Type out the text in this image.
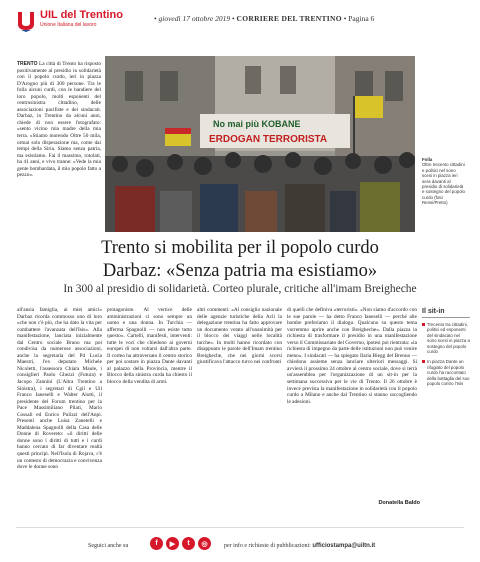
UIL del Trentino
Unione Italiana del lavoro
• giovedì 17 ottobre 2019 • CORRIERE DEL TRENTINO • Pagina 6

TRENTO La città di Trento ha risposto positivamente al presidio in solidarietà con il popolo curdo, ieri in piazza D'Arogno più di 300 persone. Tra le folla alcuni curdi, con le bandiere del loro popolo, molti esponenti del centrosinistra cittadino, delle associazioni pacifiste e dei sindacati. Darbaz, in Trentino da alcuni anni, chiede di non essere fotografato: «sento vicino mia madre della mia terra. «Stiamo morendo Oltre 50 mila, ormai solo disperazione ma, come dai tempi della Siria. Siamo senza patria, ma esistiamo. Fai il massimo, rotolati, ha 41 anni, e vivo tranne: «Vede la mia gente bombardata, il mio popolo fatto a pezzo».

No mai più KOBANE
ERDOGAN TERRORISTA
Folla
Oltre trecento cittadini e politici nel sono scesi in piazza ieri sera davanti al presidio di solidarietà e sostegno del popolo curdo (foto Rensi/Pretto)
Trento si mobilita per il popolo curdo
Darbaz: «Senza patria ma esistiamo»
In 300 al presidio di solidarietà. Corteo plurale, critiche all'imam Breigheche

all'ansia famiglia, ai miei amici» Darbaz ricorda commosso uno di loro «che non c'è più, che ha dato la vita per combattere l'avanzata dell'Isis». Alla manifestazione, lanciata inizialmente dal Centro sociale Bruno ma poi condivisa da numerose associazioni, anche la segretaria del Pd Lucia Maestri, l'ex deputato Michele Nicoletti, l'assessora Chiara Maule, i consiglieri Paolo Ghezzi (Futura) e Jacopo Zannini (L'Altra Trentino a Sinistra), i segretari di Cgil e Uil Franco Ianeselli e Walter Alotti, il presidente del Forum trentino per la Pace Massimiliano Pilati, Mario Cossali ed Enrico Pulizzi dell'Anpi. Presenti anche Luisa Zanetelli e Maddalena Spagnolli della Casa delle Donne di Rovereto: «il diritti delle donne sono i diritti di tutti e i curdi hanno cercato di far diventare realtà questi principi. Nell'Isola di Rojava, c'è un contesto di democrazia e convivenza dove le donne sono

protagoniste. Al vertice delle amministrazioni ci sono sempre un uomo e una donna. In Turchia — afferma Spagnolli — non esiste tutto questo». Cartelli, manifesti, interventi: tutte le voci che chiedono ai governi europei di non voltarsi dall'altra parte. Il corteo ha attraversato il centro storico per poi sostare in piazza Dante davanti al palazzo della Provincia, mentre il Blocco della sinistra curda ha chiesto il blocco della vendita di armi.

altri commenti: «Al consiglio nazionale delle agenzie turistiche della Acli la delegazione trentina ha fatto approvare un documento votato all'unanimità per il blocco dei viaggi nelle località turche». In molti hanno ricordato con disappunto le parole dell'Imam trentino Breigheche, che nei giorni scorsi giustificava l'attacco turco nei confronti

di quelli che definiva «terroristi». «Non siamo d'accordo con le sue parole — ha detto Franco Ianeselli — perché alle bombe preferiamo il dialogo. Qualcuno su questo tema vorremmo aprire anche con Breigheche». Dalla piazza la richiesta di trasformare il presidio in una manifestazione verso il Commissariato del Governo, ipotesi poi rientrata: «la richiesta di impegno da parte delle istituzioni non può venire meno». I sindacati — ha spiegato Ilaria Biegg del Brenno — chiedono assieme senza lanciare ulteriori messaggi. Si avvierà il prossimo 24 ottobre al centro sociale, dove si terrà un'assemblea per l'organizzazione di un sit-in per la settimana successiva per le vie di Trento. Il 26 ottobre è invece prevista la manifestazione in solidarietà con il popolo curdo a Milano e anche dal Trentino si stanno raccogliendo le adesioni.

Donatella Baldo
Il sit-in
Trecento tra cittadini, politici ed esponenti del sindacato nel sono scesi in piazza a sostegno del popolo curdo
In piazza Dante un rifugiato del popolo curdo ha raccontato della battaglia del suo popolo contro l'Isis
Seguici anche su	f	▶	t	◎	per info e richieste di pubblicazioni: ufficiostampa@uiltn.it
